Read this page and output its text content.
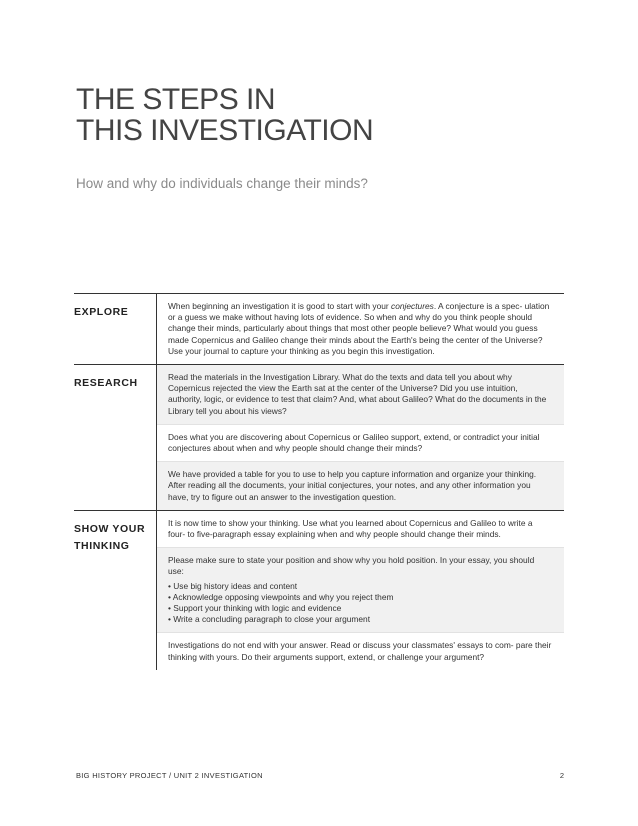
THE STEPS IN
THIS INVESTIGATION
How and why do individuals change their minds?
EXPLORE	When beginning an investigation it is good to start with your conjectures. A conjecture is a spec- ulation or a guess we make without having lots of evidence. So when and why do you think people should change their minds, particularly about things that most other people believe? What would you guess made Copernicus and Galileo change their minds about the Earth's being the center of the Universe? Use your journal to capture your thinking as you begin this investigation.

RESEARCH	Read the materials in the Investigation Library. What do the texts and data tell you about why Copernicus rejected the view the Earth sat at the center of the Universe? Did you use intuition, authority, logic, or evidence to test that claim? And, what about Galileo? What do the documents in the Library tell you about his views?

Does what you are discovering about Copernicus or Galileo support, extend, or contradict your initial conjectures about when and why people should change their minds?

We have provided a table for you to use to help you capture information and organize your thinking. After reading all the documents, your initial conjectures, your notes, and any other information you have, try to figure out an answer to the investigation question.

SHOW YOUR
THINKING

It is now time to show your thinking. Use what you learned about Copernicus and Galileo to write a four- to five-paragraph essay explaining when and why people should change their minds.

Please make sure to state your position and show why you hold position. In your essay, you should use:

• Use big history ideas and content
• Acknowledge opposing viewpoints and why you reject them
• Support your thinking with logic and evidence
• Write a concluding paragraph to close your argument

Investigations do not end with your answer. Read or discuss your classmates' essays to com- pare their thinking with yours. Do their arguments support, extend, or challenge your argument?

BIG HISTORY PROJECT / UNIT 2 INVESTIGATION	2
